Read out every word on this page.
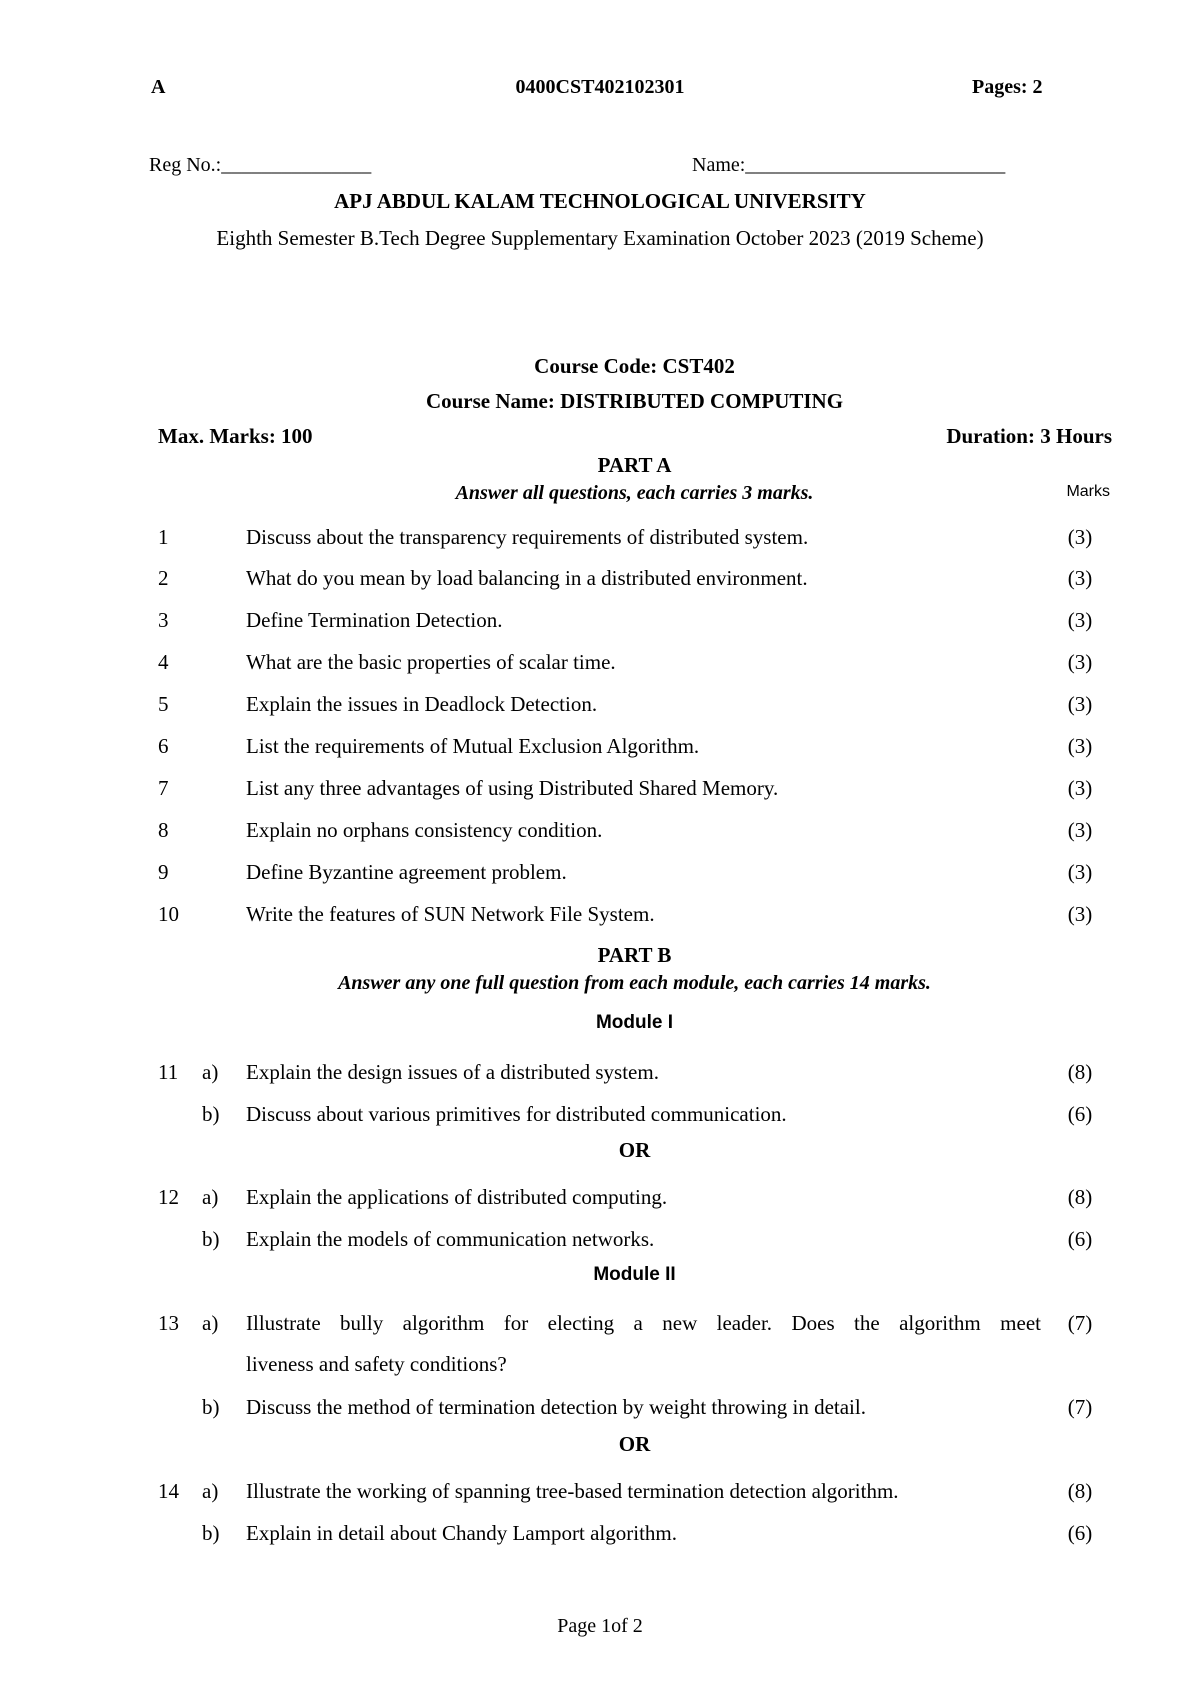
A	0400CST402102301	Pages: 2
Reg No.:_______________	Name:__________________________
APJ ABDUL KALAM TECHNOLOGICAL UNIVERSITY
Eighth Semester B.Tech Degree Supplementary Examination October 2023 (2019 Scheme)
Course Code: CST402
Course Name: DISTRIBUTED COMPUTING
Max. Marks: 100	Duration: 3 Hours
PART A
Answer all questions, each carries 3 marks.	Marks
1	Discuss about the transparency requirements of distributed system.	(3)
2	What do you mean by load balancing in a distributed environment.	(3)
3	Define Termination Detection.	(3)
4	What are the basic properties of scalar time.	(3)
5	Explain the issues in Deadlock Detection.	(3)
6	List the requirements of Mutual Exclusion Algorithm.	(3)
7	List any three advantages of using Distributed Shared Memory.	(3)
8	Explain no orphans consistency condition.	(3)
9	Define Byzantine agreement problem.	(3)
10	Write the features of SUN Network File System.	(3)
PART B
Answer any one full question from each module, each carries 14 marks.
Module I
11 a) Explain the design issues of a distributed system.	(8)
b) Discuss about various primitives for distributed communication.	(6)
OR
12 a) Explain the applications of distributed computing.	(8)
b) Explain the models of communication networks.	(6)
Module II
13 a) Illustrate bully algorithm for electing a new leader. Does the algorithm meet	(7)
liveness and safety conditions?
b) Discuss the method of termination detection by weight throwing in detail.	(7)
OR
14 a) Illustrate the working of spanning tree-based termination detection algorithm.	(8)
b) Explain in detail about Chandy Lamport algorithm.	(6)
Page 1of 2
